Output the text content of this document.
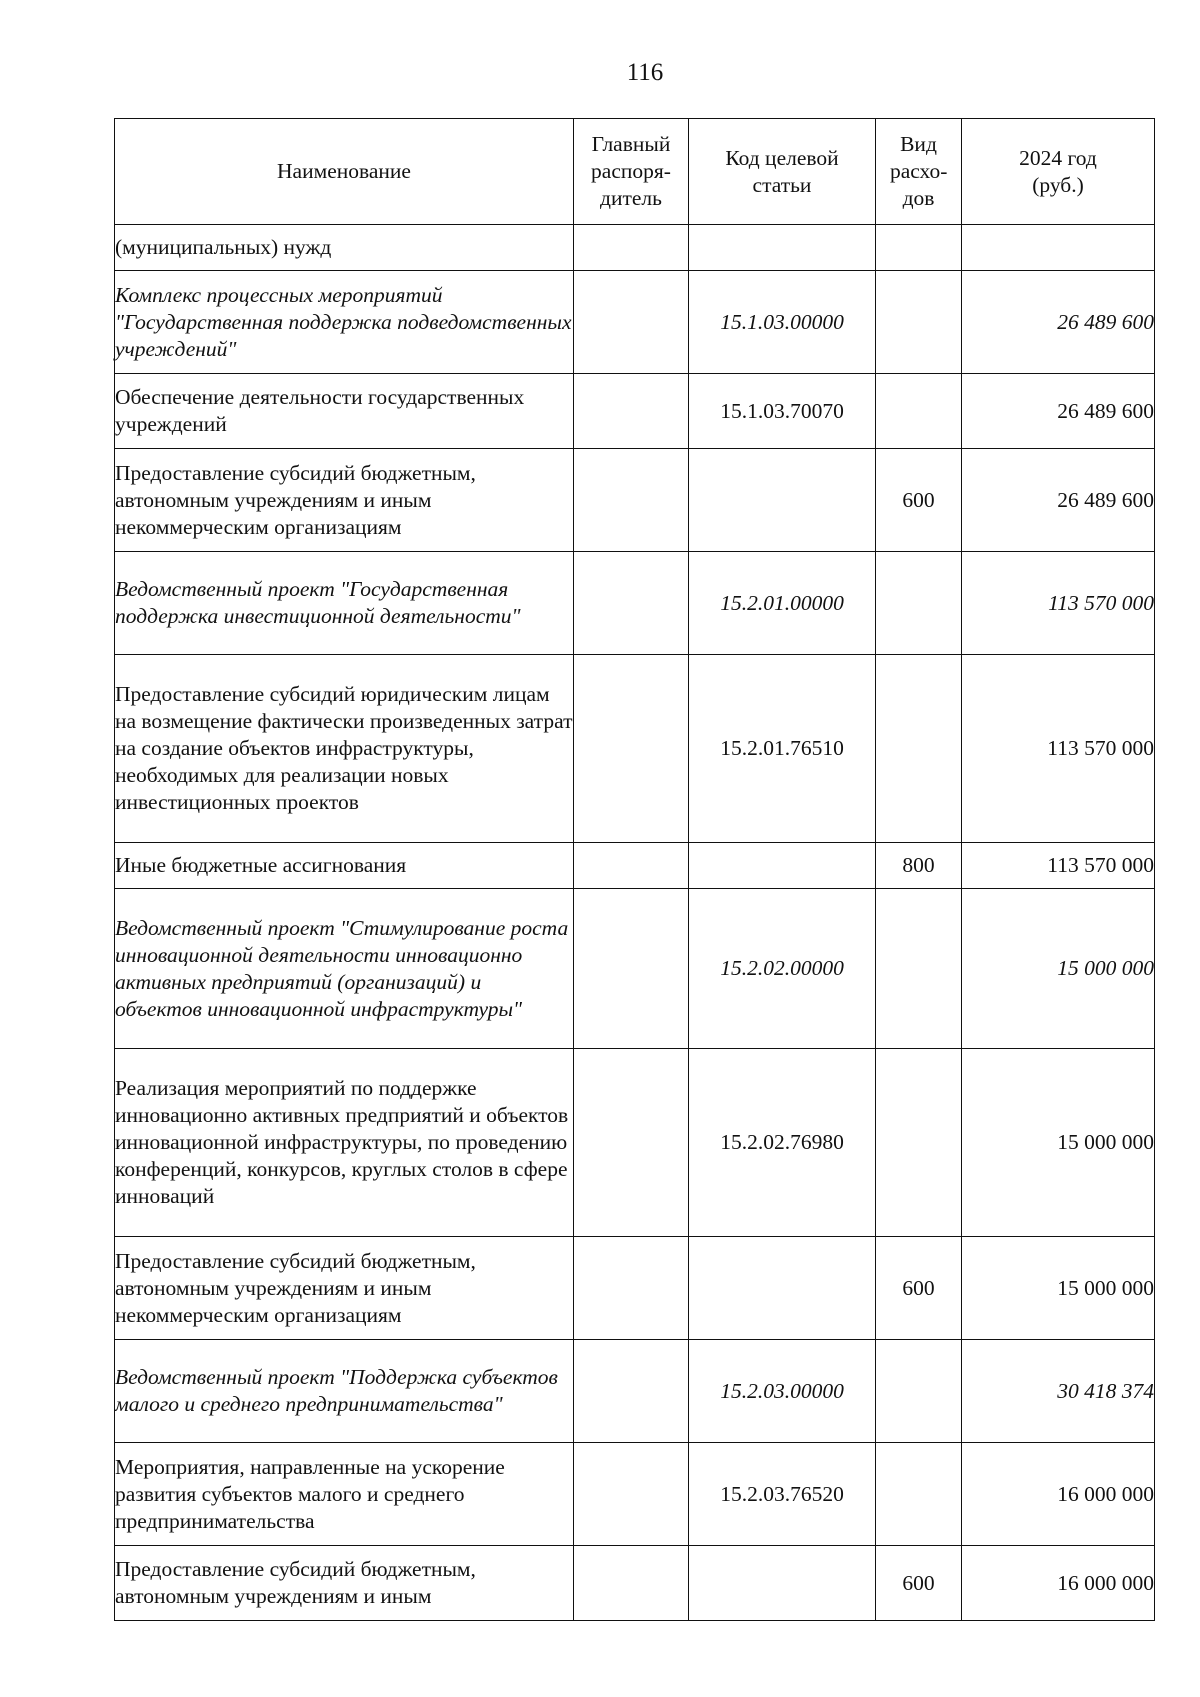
116
Наименование	Главный распоря-дитель	Код целевой статьи	Вид расхо-дов	2024 год (руб.)
(муниципальных) нужд				
Комплекс процессных мероприятий "Государственная поддержка подведомственных учреждений"		15.1.03.00000		26 489 600
Обеспечение деятельности государственных учреждений		15.1.03.70070		26 489 600
Предоставление субсидий бюджетным, автономным учреждениям и иным некоммерческим организациям			600	26 489 600
Ведомственный проект "Государственная поддержка инвестиционной деятельности"		15.2.01.00000		113 570 000
Предоставление субсидий юридическим лицам на возмещение фактически произведенных затрат на создание объектов инфраструктуры, необходимых для реализации новых инвестиционных проектов		15.2.01.76510		113 570 000
Иные бюджетные ассигнования			800	113 570 000
Ведомственный проект "Стимулирование роста инновационной деятельности инновационно активных предприятий (организаций) и объектов инновационной инфраструктуры"		15.2.02.00000		15 000 000
Реализация мероприятий по поддержке инновационно активных предприятий и объектов инновационной инфраструктуры, по проведению конференций, конкурсов, круглых столов в сфере инноваций		15.2.02.76980		15 000 000
Предоставление субсидий бюджетным, автономным учреждениям и иным некоммерческим организациям			600	15 000 000
Ведомственный проект "Поддержка субъектов малого и среднего предпринимательства"		15.2.03.00000		30 418 374
Мероприятия, направленные на ускорение развития субъектов малого и среднего предпринимательства		15.2.03.76520		16 000 000
Предоставление субсидий бюджетным, автономным учреждениям и иным			600	16 000 000
